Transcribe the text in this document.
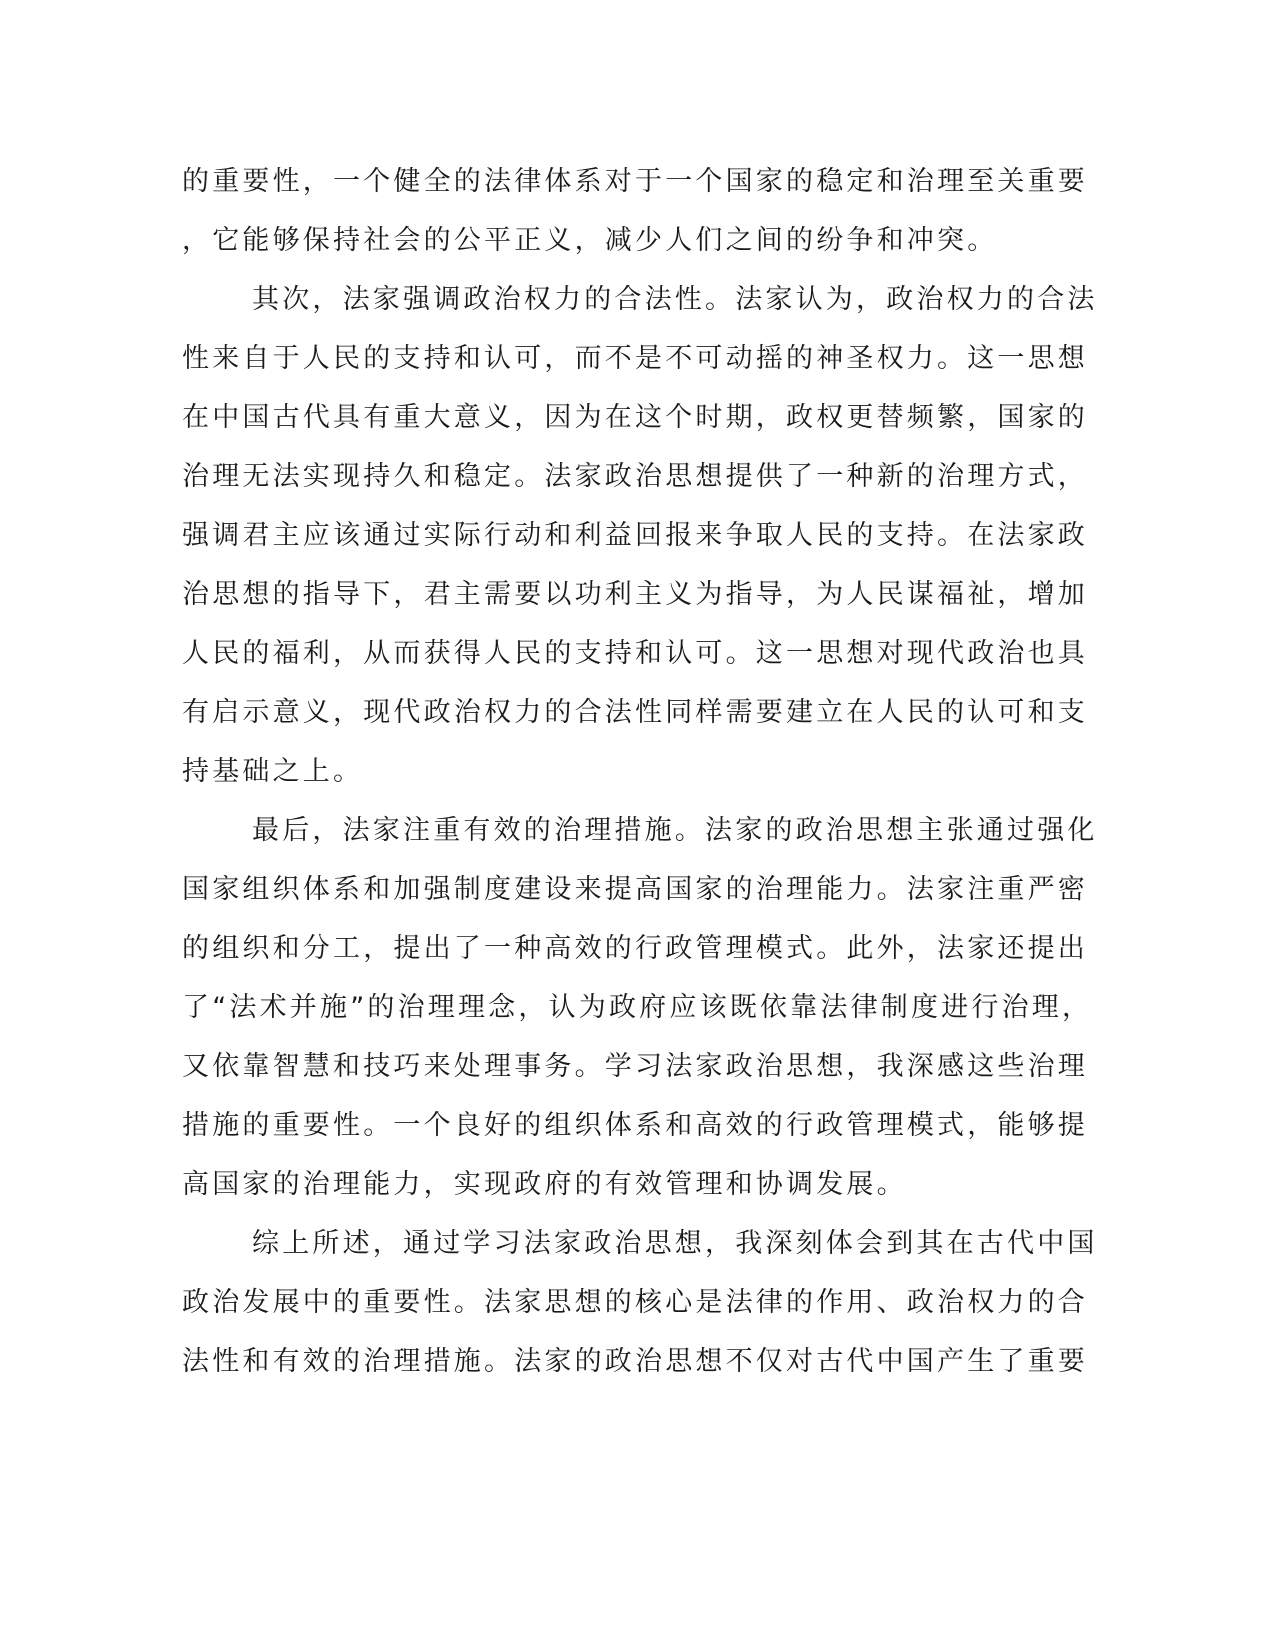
的重要性，一个健全的法律体系对于一个国家的稳定和治理至关重要
，它能够保持社会的公平正义，减少人们之间的纷争和冲突。
其次，法家强调政治权力的合法性。法家认为，政治权力的合法
性来自于人民的支持和认可，而不是不可动摇的神圣权力。这一思想
在中国古代具有重大意义，因为在这个时期，政权更替频繁，国家的
治理无法实现持久和稳定。法家政治思想提供了一种新的治理方式，
强调君主应该通过实际行动和利益回报来争取人民的支持。在法家政
治思想的指导下，君主需要以功利主义为指导，为人民谋福祉，增加
人民的福利，从而获得人民的支持和认可。这一思想对现代政治也具
有启示意义，现代政治权力的合法性同样需要建立在人民的认可和支
持基础之上。
最后，法家注重有效的治理措施。法家的政治思想主张通过强化
国家组织体系和加强制度建设来提高国家的治理能力。法家注重严密
的组织和分工，提出了一种高效的行政管理模式。此外，法家还提出
了“法术并施”的治理理念，认为政府应该既依靠法律制度进行治理，
又依靠智慧和技巧来处理事务。学习法家政治思想，我深感这些治理
措施的重要性。一个良好的组织体系和高效的行政管理模式，能够提
高国家的治理能力，实现政府的有效管理和协调发展。
综上所述，通过学习法家政治思想，我深刻体会到其在古代中国
政治发展中的重要性。法家思想的核心是法律的作用、政治权力的合
法性和有效的治理措施。法家的政治思想不仅对古代中国产生了重要
